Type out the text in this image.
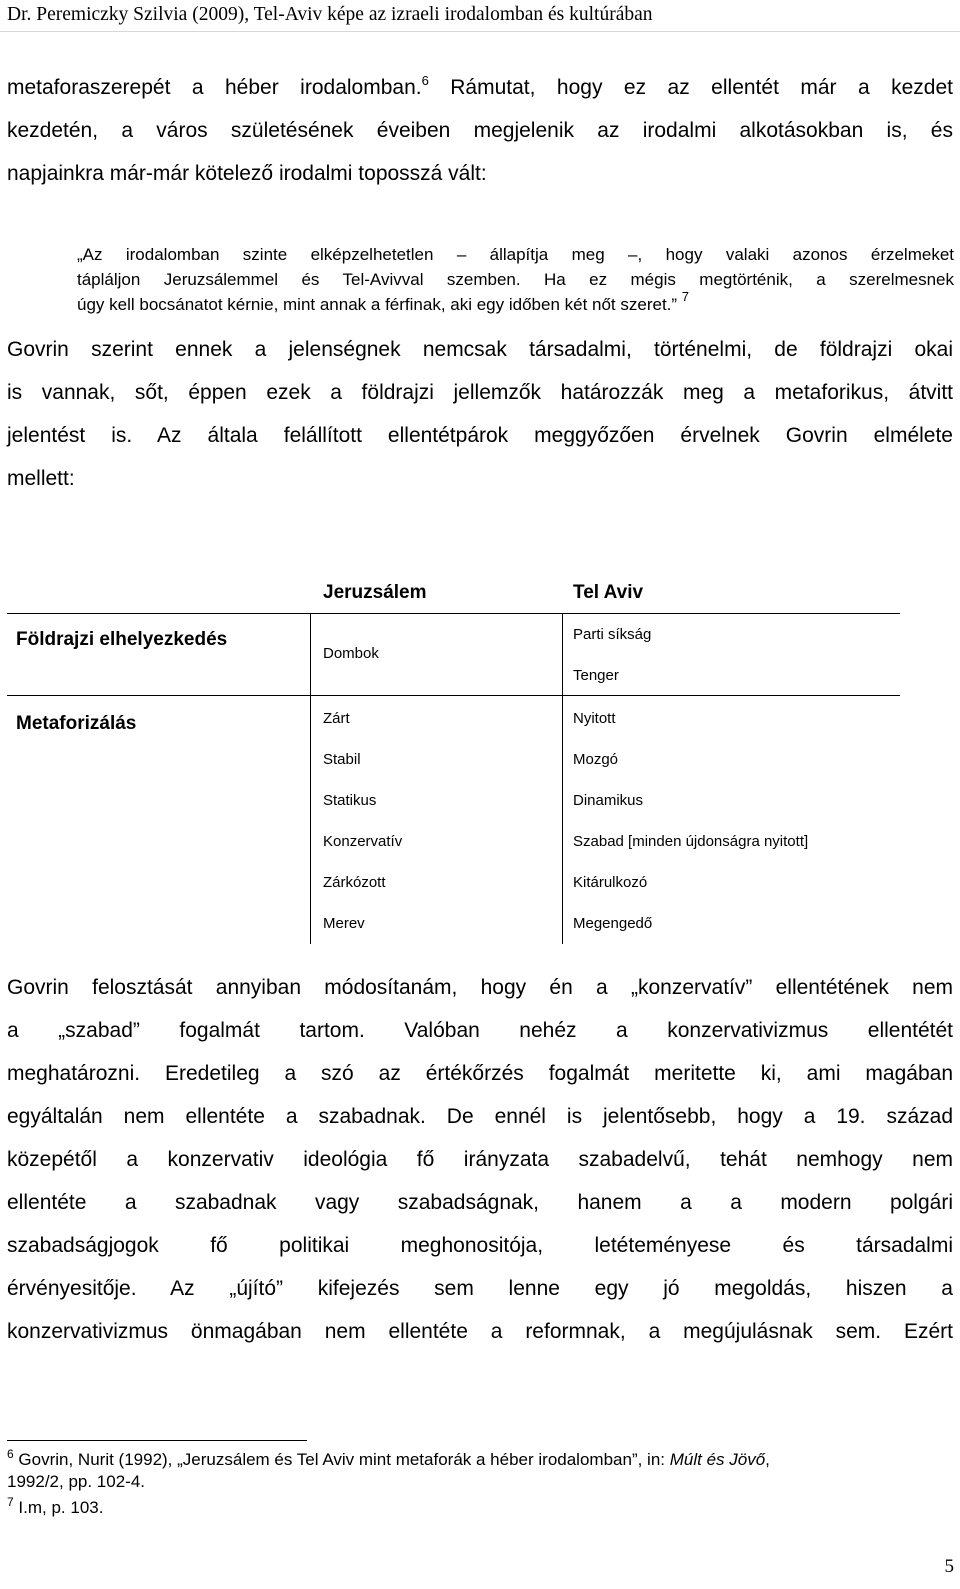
Dr. Peremiczky Szilvia (2009), Tel-Aviv képe az izraeli irodalomban és kultúrában
metaforaszerepét a héber irodalomban.$^6$ Rámutat, hogy ez az ellentét már a kezdet
kezdetén, a város születésének éveiben megjelenik az irodalmi alkotásokban is, és
napjainkra már-már kötelező irodalmi toposszá vált:
„Az irodalomban szinte elképzelhetetlen – állapítja meg –, hogy valaki azonos érzelmeket
tápláljon Jeruzsálemmel és Tel-Avivval szemben. Ha ez mégis megtörténik, a szerelmesnek
úgy kell bocsánatot kérnie, mint annak a férfinak, aki egy időben két nőt szeret.” $^7$
Govrin szerint ennek a jelenségnek nemcsak társadalmi, történelmi, de földrajzi okai
is vannak, sőt, éppen ezek a földrajzi jellemzők határozzák meg a metaforikus, átvitt
jelentést is. Az általa felállított ellentétpárok meggyőzően érvelnek Govrin elmélete
mellett:
Jeruzsálem	Tel Aviv
Földrajzi elhelyezkedés
Dombok
Parti síkság
Tenger
Metaforizálás	Zárt
Stabil
Statikus
Konzervatív
Zárkózott
Merev
Nyitott
Mozgó
Dinamikus
Szabad [minden újdonságra nyitott]
Kitárulkozó
Megengedő
Govrin felosztását annyiban módosítanám, hogy én a „konzervatív” ellentétének nem
a „szabad” fogalmát tartom. Valóban nehéz a konzervativizmus ellentétét
meghatározni. Eredetileg a szó az értékőrzés fogalmát meritette ki, ami magában
egyáltalán nem ellentéte a szabadnak. De ennél is jelentősebb, hogy a 19. század
közepétől a konzervativ ideológia fő irányzata szabadelvű, tehát nemhogy nem
ellentéte a szabadnak vagy szabadságnak, hanem a a modern polgári
szabadságjogok fő politikai meghonositója, letéteményese és társadalmi
érvényesitője. Az „újító” kifejezés sem lenne egy jó megoldás, hiszen a
konzervativizmus önmagában nem ellentéte a reformnak, a megújulásnak sem. Ezért
$^6$ Govrin, Nurit (1992), „Jeruzsálem és Tel Aviv mint metaforák a héber irodalomban”, in: Múlt és Jövő,
1992/2, pp. 102-4.
$^7$ I.m, p. 103.
5
